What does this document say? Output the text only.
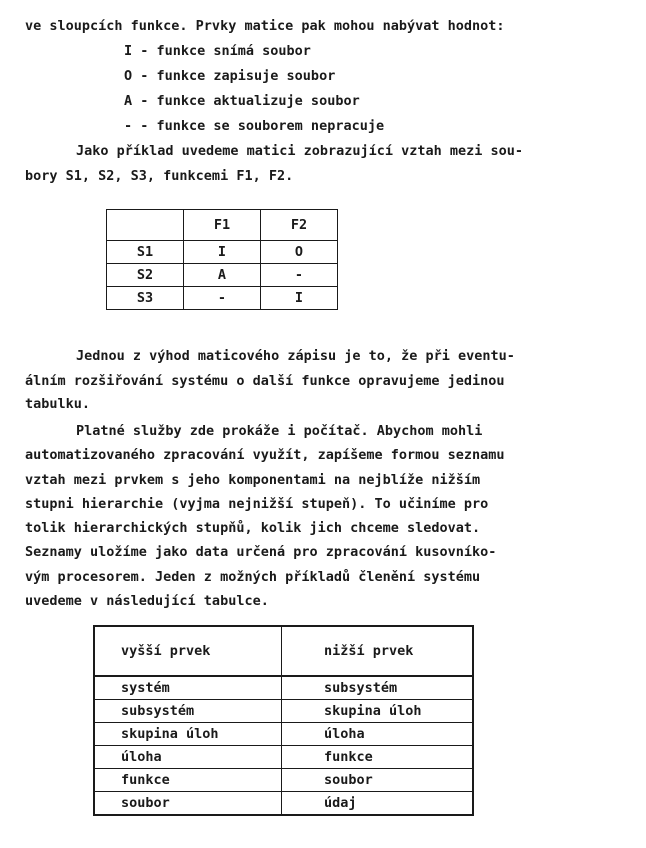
ve sloupcích funkce. Prvky matice pak mohou nabývat hodnot:
I - funkce snímá soubor
O - funkce zapisuje soubor
A - funkce aktualizuje soubor
- - funkce se souborem nepracuje
Jako příklad uvedeme matici zobrazující vztah mezi sou-
bory S1, S2, S3, funkcemi F1, F2.
	F1	F2
S1	I	O
S2	A	-
S3	-	I
Jednou z výhod maticového zápisu je to, že při eventu-
álním rozšiřování systému o další funkce opravujeme jedinou
tabulku.
Platné služby zde prokáže i počítač. Abychom mohli
automatizovaného zpracování využít, zapíšeme formou seznamu
vztah mezi prvkem s jeho komponentami na nejblíže nižším
stupni hierarchie (vyjma nejnižší stupeň). To učiníme pro
tolik hierarchických stupňů, kolik jich chceme sledovat.
Seznamy uložíme jako data určená pro zpracování kusovníko-
vým procesorem. Jeden z možných příkladů členění systému
uvedeme v následující tabulce.
vyšší prvek	nižší prvek
systém	subsystém
subsystém	skupina úloh
skupina úloh	úloha
úloha	funkce
funkce	soubor
soubor	údaj
